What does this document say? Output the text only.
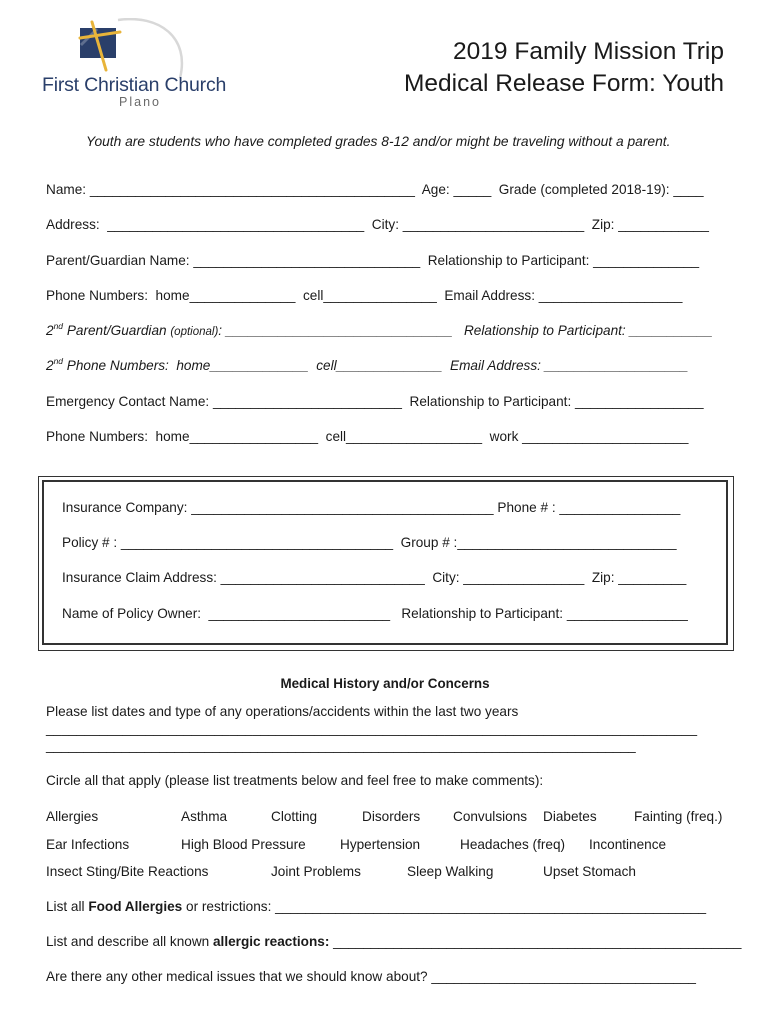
First Christian Church
Plano
2019 Family Mission Trip
Medical Release Form: Youth
Youth are students who have completed grades 8-12 and/or might be traveling without a parent.
Name: ___________________________________________  Age: _____  Grade (completed 2018-19): ____
Address:  __________________________________  City: ________________________  Zip: ____________
Parent/Guardian Name: ______________________________  Relationship to Participant: ______________
Phone Numbers:  home______________  cell_______________  Email Address: ___________________
2nd Parent/Guardian (optional): ______________________________   Relationship to Participant: ___________
2nd Phone Numbers:  home_____________  cell______________  Email Address: ___________________
Emergency Contact Name: _________________________  Relationship to Participant: _________________
Phone Numbers:  home_________________  cell__________________  work ______________________
Insurance Company: ________________________________________ Phone # : ________________
Policy # : ____________________________________  Group # :_____________________________
Insurance Claim Address: ___________________________  City: ________________  Zip: _________
Name of Policy Owner:  ________________________   Relationship to Participant: ________________
Medical History and/or Concerns
Please list dates and type of any operations/accidents within the last two years
_____________________________________________________________________________________
______________________________________________________________________________
Circle all that apply (please list treatments below and feel free to make comments):
Allergies	Asthma	Clotting	Disorders Convulsions Diabetes	Fainting (freq.)
Ear Infections	High Blood Pressure	Hypertension	Headaches (freq) Incontinence
Insect Sting/Bite Reactions	Joint Problems	Sleep Walking	Upset Stomach
List all Food Allergies or restrictions: _________________________________________________________
List and describe all known allergic reactions: ______________________________________________________
Are there any other medical issues that we should know about? ___________________________________
